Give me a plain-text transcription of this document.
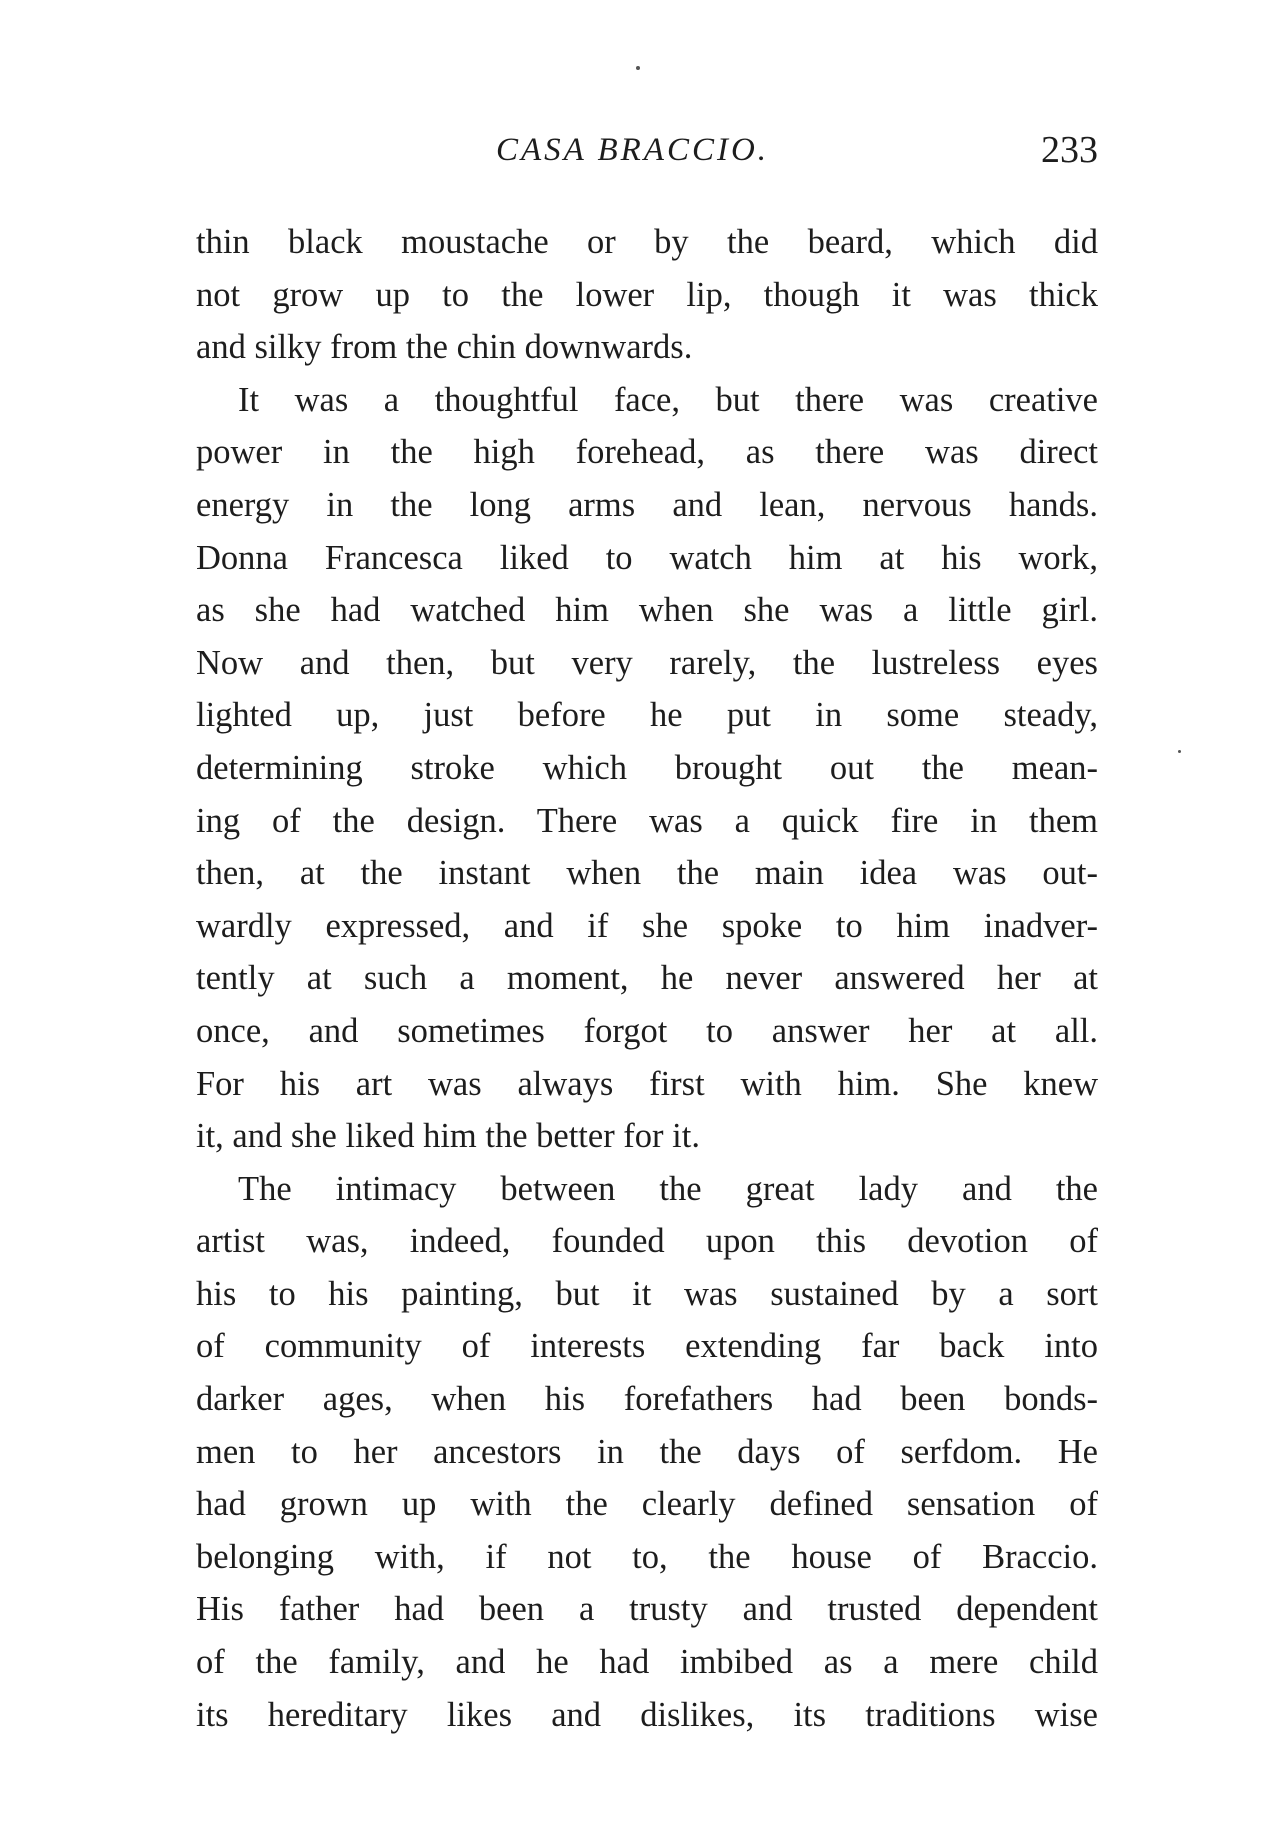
CASA BRACCIO.	233
thin black moustache or by the beard, which did
not grow up to the lower lip, though it was thick
and silky from the chin downwards.
It was a thoughtful face, but there was creative
power in the high forehead, as there was direct
energy in the long arms and lean, nervous hands.
Donna Francesca liked to watch him at his work,
as she had watched him when she was a little girl.
Now and then, but very rarely, the lustreless eyes
lighted up, just before he put in some steady,
determining stroke which brought out the mean-
ing of the design. There was a quick fire in them
then, at the instant when the main idea was out-
wardly expressed, and if she spoke to him inadver-
tently at such a moment, he never answered her at
once, and sometimes forgot to answer her at all.
For his art was always first with him. She knew
it, and she liked him the better for it.
The intimacy between the great lady and the
artist was, indeed, founded upon this devotion of
his to his painting, but it was sustained by a sort
of community of interests extending far back into
darker ages, when his forefathers had been bonds-
men to her ancestors in the days of serfdom. He
had grown up with the clearly defined sensation of
belonging with, if not to, the house of Braccio.
His father had been a trusty and trusted dependent
of the family, and he had imbibed as a mere child
its hereditary likes and dislikes, its traditions wise
